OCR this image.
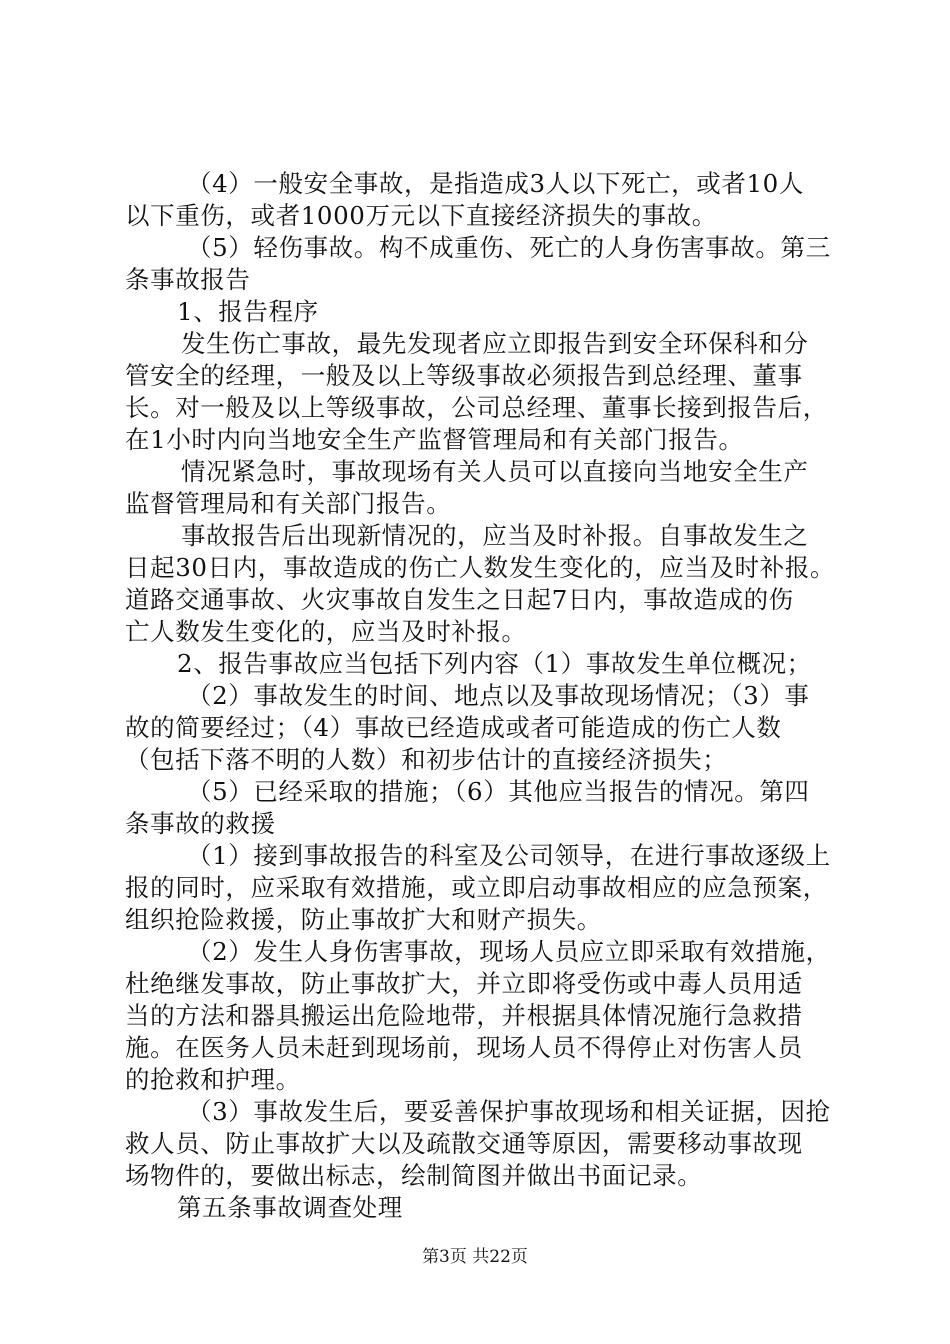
（4）一般安全事故，是指造成3人以下死亡，或者10人
以下重伤，或者1000万元以下直接经济损失的事故。
（5）轻伤事故。构不成重伤、死亡的人身伤害事故。第三
条事故报告
1、报告程序
发生伤亡事故，最先发现者应立即报告到安全环保科和分
管安全的经理，一般及以上等级事故必须报告到总经理、董事
长。对一般及以上等级事故，公司总经理、董事长接到报告后，
在1小时内向当地安全生产监督管理局和有关部门报告。
情况紧急时，事故现场有关人员可以直接向当地安全生产
监督管理局和有关部门报告。
事故报告后出现新情况的，应当及时补报。自事故发生之
日起30日内，事故造成的伤亡人数发生变化的，应当及时补报。
道路交通事故、火灾事故自发生之日起7日内，事故造成的伤
亡人数发生变化的，应当及时补报。
2、报告事故应当包括下列内容（1）事故发生单位概况；
（2）事故发生的时间、地点以及事故现场情况；（3）事
故的简要经过；（4）事故已经造成或者可能造成的伤亡人数
（包括下落不明的人数）和初步估计的直接经济损失；
（5）已经采取的措施；（6）其他应当报告的情况。第四
条事故的救援
（1）接到事故报告的科室及公司领导，在进行事故逐级上
报的同时，应采取有效措施，或立即启动事故相应的应急预案，
组织抢险救援，防止事故扩大和财产损失。
（2）发生人身伤害事故，现场人员应立即采取有效措施，
杜绝继发事故，防止事故扩大，并立即将受伤或中毒人员用适
当的方法和器具搬运出危险地带，并根据具体情况施行急救措
施。在医务人员未赶到现场前，现场人员不得停止对伤害人员
的抢救和护理。
（3）事故发生后，要妥善保护事故现场和相关证据，因抢
救人员、防止事故扩大以及疏散交通等原因，需要移动事故现
场物件的，要做出标志，绘制简图并做出书面记录。
第五条事故调查处理
第3页 共22页
